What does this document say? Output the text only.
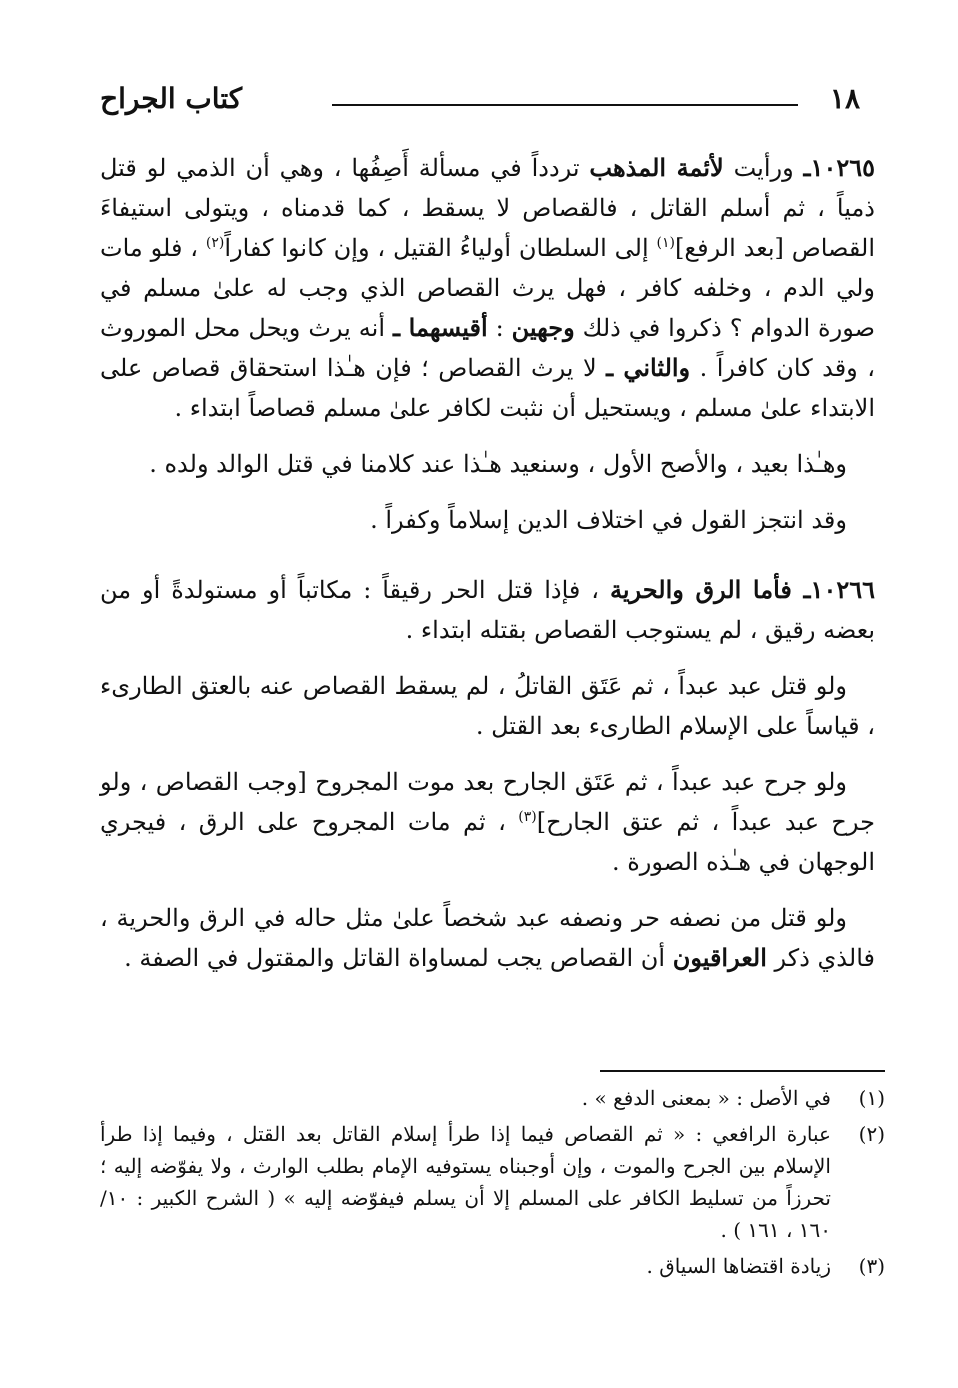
١٨
كتاب الجراح

١٠٢٦٥ـ ورأيت لأئمة المذهب تردداً في مسألة أَصِفُها ، وهي أن الذمي لو قتل ذمياً ، ثم أسلم القاتل ، فالقصاص لا يسقط ، كما قدمناه ، ويتولى استيفاءَ القصاص [بعد الرفع]$^{(١)}$ إلى السلطان أولياءُ القتيل ، وإن كانوا كفاراً$^{(٢)}$ ، فلو مات ولي الدم ، وخلفه كافر ، فهل يرث القصاص الذي وجب له علىٰ مسلم في صورة الدوام ؟ ذكروا في ذلك وجهين : أقيسهما ـ أنه يرث ويحل محل الموروث ، وقد كان كافراً . والثاني ـ لا يرث القصاص ؛ فإن هـٰذا استحقاق قصاص على الابتداء علىٰ مسلم ، ويستحيل أن نثبت لكافر علىٰ مسلم قصاصاً ابتداء .

وهـٰذا بعيد ، والأصح الأول ، وسنعيد هـٰذا عند كلامنا في قتل الوالد ولده .

وقد انتجز القول في اختلاف الدين إسلاماً وكفراً .

١٠٢٦٦ـ فأما الرق والحرية ، فإذا قتل الحر رقيقاً : مكاتباً أو مستولدةً أو من بعضه رقيق ، لم يستوجب القصاص بقتله ابتداء .

ولو قتل عبد عبداً ، ثم عَتَق القاتلُ ، لم يسقط القصاص عنه بالعتق الطارىء ، قياساً على الإسلام الطارىء بعد القتل .

ولو جرح عبد عبداً ، ثم عَتَق الجارح بعد موت المجروح [وجب القصاص ، ولو جرح عبد عبداً ، ثم عتق الجارح]$^{(٣)}$ ، ثم مات المجروح على الرق ، فيجري الوجهان في هـٰذه الصورة .

ولو قتل من نصفه حر ونصفه عبد شخصاً علىٰ مثل حاله في الرق والحرية ، فالذي ذكر العراقيون أن القصاص يجب لمساواة القاتل والمقتول في الصفة .

(١)
في الأصل : « بمعنى الدفع » .

(٢)
عبارة الرافعي : « ثم القصاص فيما إذا طرأ إسلام القاتل بعد القتل ، وفيما إذا طرأ الإسلام بين الجرح والموت ، وإن أوجبناه يستوفيه الإمام بطلب الوارث ، ولا يفوّضه إليه ؛ تحرزاً من تسليط الكافر على المسلم إلا أن يسلم فيفوّضه إليه » ( الشرح الكبير : ١٠/ ١٦٠ ، ١٦١ ) .

(٣)
زيادة اقتضاها السياق .
